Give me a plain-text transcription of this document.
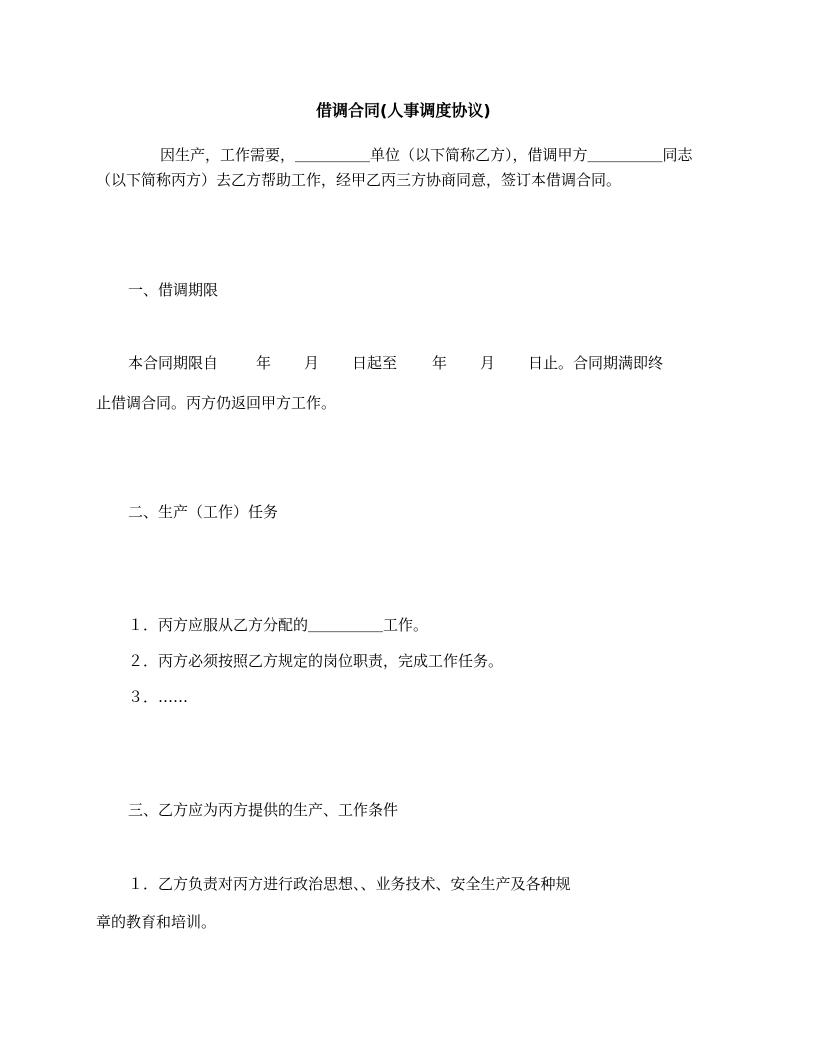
借调合同(人事调度协议)
因生产，工作需要，＿＿＿＿＿单位（以下简称乙方），借调甲方＿＿＿＿＿同志
（以下简称丙方）去乙方帮助工作，经甲乙丙三方协商同意，签订本借调合同。
一、借调期限
本合同期限自	年 月 日起至 年 月 日止。合同期满即终
止借调合同。丙方仍返回甲方工作。
二、生产（工作）任务
１．丙方应服从乙方分配的＿＿＿＿＿工作。
２．丙方必须按照乙方规定的岗位职责，完成工作任务。
３．……
三、乙方应为丙方提供的生产、工作条件
１．乙方负责对丙方进行政治思想、、业务技术、安全生产及各种规
章的教育和培训。
